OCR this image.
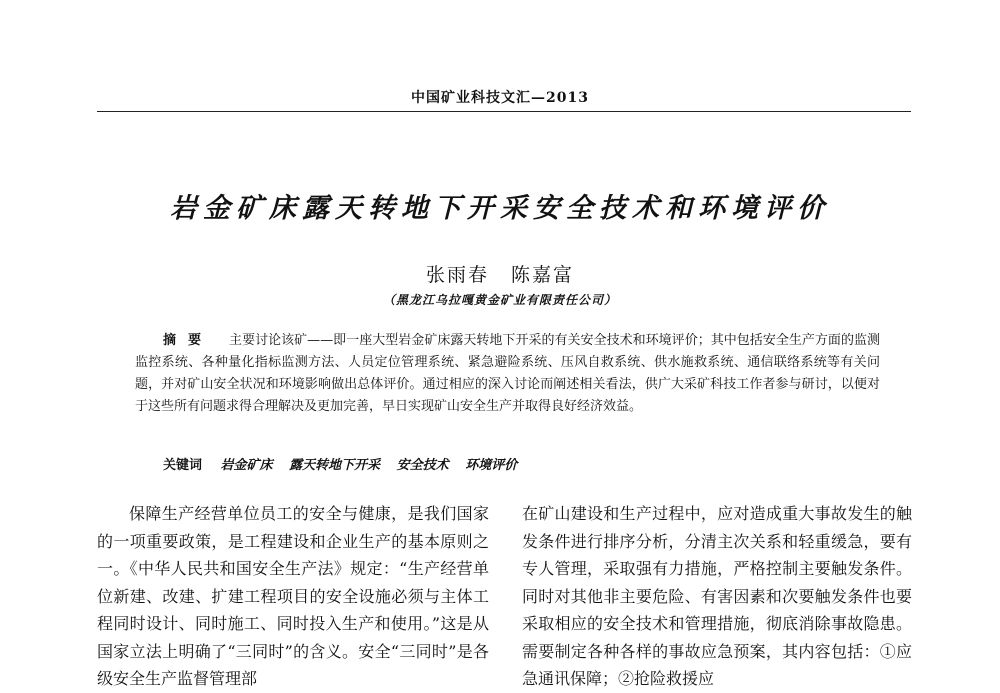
中国矿业科技文汇—2013
岩金矿床露天转地下开采安全技术和环境评价
张雨春 陈嘉富
（黑龙江乌拉嘎黄金矿业有限责任公司）
摘要 主要讨论该矿——即一座大型岩金矿床露天转地下开采的有关安全技术和环境评价；其中包括安全生产方面的监测监控系统、各种量化指标监测方法、人员定位管理系统、紧急避险系统、压风自救系统、供水施救系统、通信联络系统等有关问题，并对矿山安全状况和环境影响做出总体评价。通过相应的深入讨论而阐述相关看法，供广大采矿科技工作者参与研讨，以便对于这些所有问题求得合理解决及更加完善，早日实现矿山安全生产并取得良好经济效益。
关键词 岩金矿床 露天转地下开采 安全技术 环境评价

保障生产经营单位员工的安全与健康，是我们国家的一项重要政策，是工程建设和企业生产的基本原则之一。《中华人民共和国安全生产法》规定：“生产经营单位新建、改建、扩建工程项目的安全设施必须与主体工程同时设计、同时施工、同时投入生产和使用。”这是从国家立法上明确了“三同时”的含义。安全“三同时”是各级安全生产监督管理部

在矿山建设和生产过程中，应对造成重大事故发生的触发条件进行排序分析，分清主次关系和轻重缓急，要有专人管理，采取强有力措施，严格控制主要触发条件。同时对其他非主要危险、有害因素和次要触发条件也要采取相应的安全技术和管理措施，彻底消除事故隐患。需要制定各种各样的事故应急预案，其内容包括：①应急通讯保障；②抢险救援应
